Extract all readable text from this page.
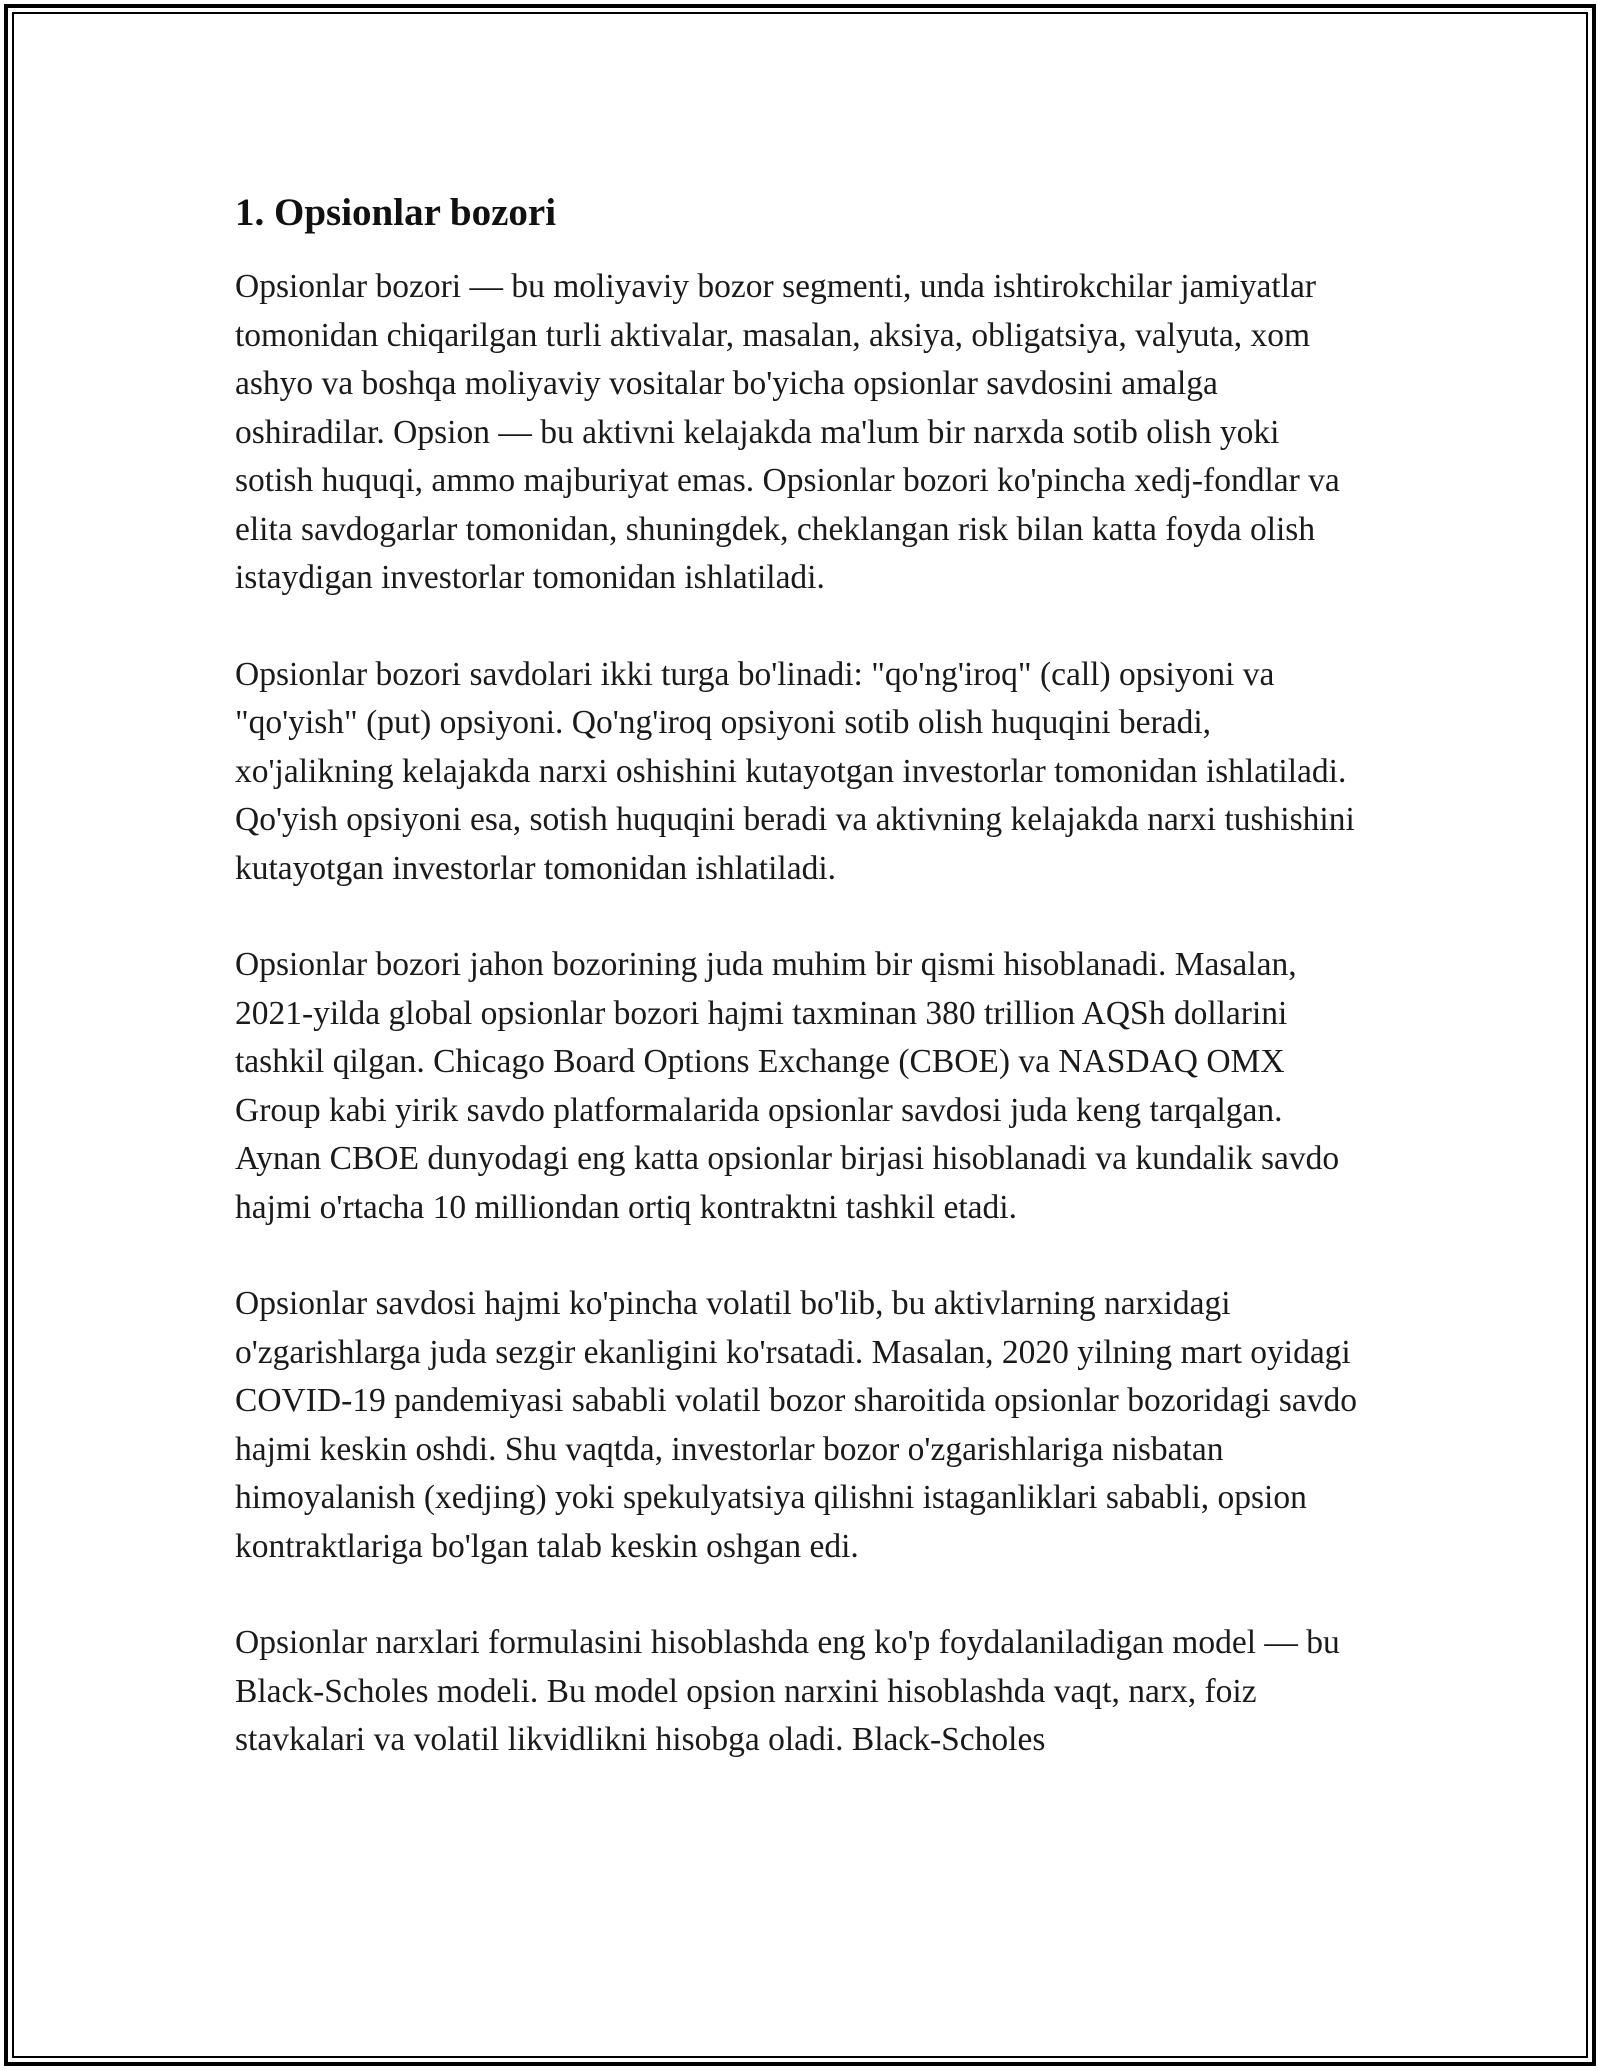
1. Opsionlar bozori

Opsionlar bozori — bu moliyaviy bozor segmenti, unda ishtirokchilar jamiyatlar tomonidan chiqarilgan turli aktivalar, masalan, aksiya, obligatsiya, valyuta, xom ashyo va boshqa moliyaviy vositalar bo'yicha opsionlar savdosini amalga oshiradilar. Opsion — bu aktivni kelajakda ma'lum bir narxda sotib olish yoki sotish huquqi, ammo majburiyat emas. Opsionlar bozori ko'pincha xedj-fondlar va elita savdogarlar tomonidan, shuningdek, cheklangan risk bilan katta foyda olish istaydigan investorlar tomonidan ishlatiladi.

Opsionlar bozori savdolari ikki turga bo'linadi: "qo'ng'iroq" (call) opsiyoni va "qo'yish" (put) opsiyoni. Qo'ng'iroq opsiyoni sotib olish huquqini beradi, xo'jalikning kelajakda narxi oshishini kutayotgan investorlar tomonidan ishlatiladi. Qo'yish opsiyoni esa, sotish huquqini beradi va aktivning kelajakda narxi tushishini kutayotgan investorlar tomonidan ishlatiladi.

Opsionlar bozori jahon bozorining juda muhim bir qismi hisoblanadi. Masalan, 2021-yilda global opsionlar bozori hajmi taxminan 380 trillion AQSh dollarini tashkil qilgan. Chicago Board Options Exchange (CBOE) va NASDAQ OMX Group kabi yirik savdo platformalarida opsionlar savdosi juda keng tarqalgan. Aynan CBOE dunyodagi eng katta opsionlar birjasi hisoblanadi va kundalik savdo hajmi o'rtacha 10 milliondan ortiq kontraktni tashkil etadi.

Opsionlar savdosi hajmi ko'pincha volatil bo'lib, bu aktivlarning narxidagi o'zgarishlarga juda sezgir ekanligini ko'rsatadi. Masalan, 2020 yilning mart oyidagi COVID-19 pandemiyasi sababli volatil bozor sharoitida opsionlar bozoridagi savdo hajmi keskin oshdi. Shu vaqtda, investorlar bozor o'zgarishlariga nisbatan himoyalanish (xedjing) yoki spekulyatsiya qilishni istaganliklari sababli, opsion kontraktlariga bo'lgan talab keskin oshgan edi.

Opsionlar narxlari formulasini hisoblashda eng ko'p foydalaniladigan model — bu Black-Scholes modeli. Bu model opsion narxini hisoblashda vaqt, narx, foiz stavkalari va volatil likvidlikni hisobga oladi. Black-Scholes
